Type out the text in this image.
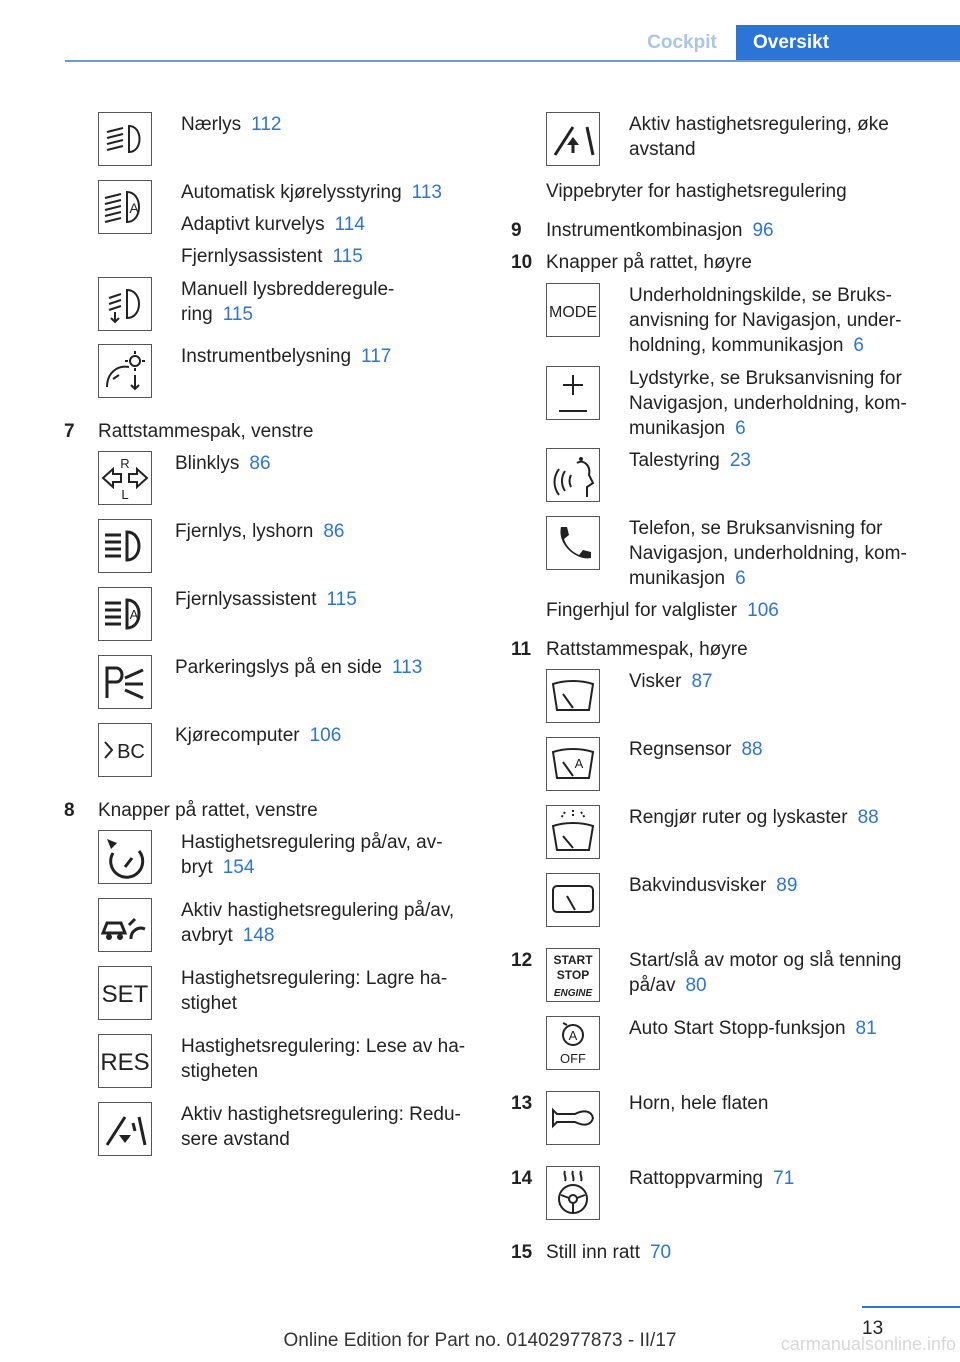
Cockpit	Oversikt
Nærlys 112
A
Automatisk kjørelysstyring 113
Adaptivt kurvelys 114
Fjernlysassistent 115
Manuell lysbredderegule-
ring 115
Instrumentbelysning 117
7 Rattstammespak, venstre
R
L
Blinklys 86
Fjernlys, lyshorn 86
A
Fjernlysassistent 115
Parkeringslys på en side 113
BC
Kjørecomputer 106
8 Knapper på rattet, venstre
Hastighetsregulering på/av, av-
bryt 154
Aktiv hastighetsregulering på/av,
avbryt 148
SET
Hastighetsregulering: Lagre ha-
stighet
RES
Hastighetsregulering: Lese av ha-
stigheten
Aktiv hastighetsregulering: Redu-
sere avstand
Aktiv hastighetsregulering, øke
avstand
Vippebryter for hastighetsregulering
9 Instrumentkombinasjon 96
10 Knapper på rattet, høyre
MODE
Underholdningskilde, se Bruks-
anvisning for Navigasjon, under-
holdning, kommunikasjon 6
Lydstyrke, se Bruksanvisning for
Navigasjon, underholdning, kom-
munikasjon 6
Talestyring 23
Telefon, se Bruksanvisning for
Navigasjon, underholdning, kom-
munikasjon 6
Fingerhjul for valglister 106
11 Rattstammespak, høyre
Visker 87
A
Regnsensor 88
Rengjør ruter og lyskaster 88
Bakvindusvisker 89
12 START
STOP
ENGINE
Start/slå av motor og slå tenning
på/av 80
A
OFF
Auto Start Stopp-funksjon 81
13	Horn, hele flaten
14	Rattoppvarming 71
15 Still inn ratt 70
13
Online Edition for Part no. 01402977873 - II/17	carmanualsonline.info
